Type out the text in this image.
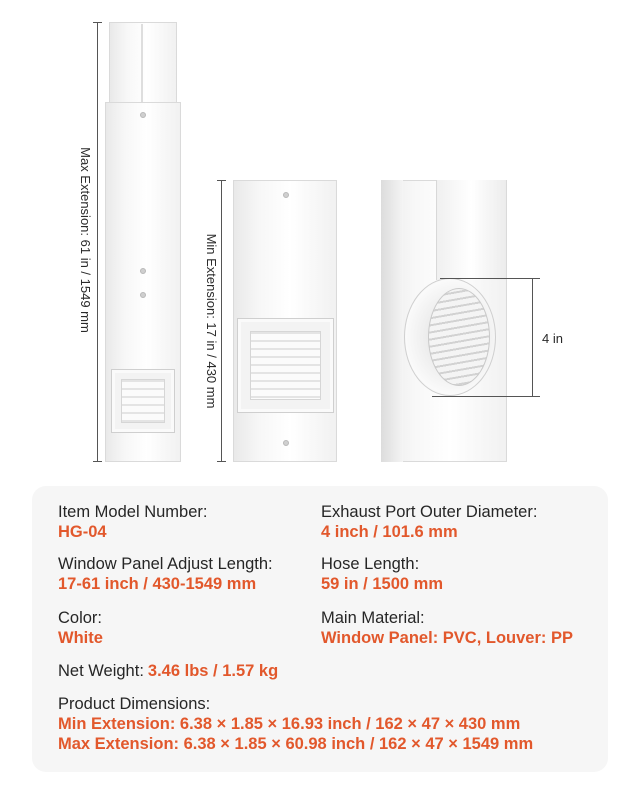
Max Extension: 61 in / 1549 mm	Min Extension: 17 in / 430 mm	4 in
Item Model Number:
HG-04
Window Panel Adjust Length:
17-61 inch / 430-1549 mm
Color:
White
Net Weight: 3.46 lbs / 1.57 kg
Product Dimensions:
Min Extension: 6.38 × 1.85 × 16.93 inch / 162 × 47 × 430 mm
Max Extension: 6.38 × 1.85 × 60.98 inch / 162 × 47 × 1549 mm
Exhaust Port Outer Diameter:
4 inch / 101.6 mm
Hose Length:
59 in / 1500 mm
Main Material:
Window Panel: PVC, Louver: PP
